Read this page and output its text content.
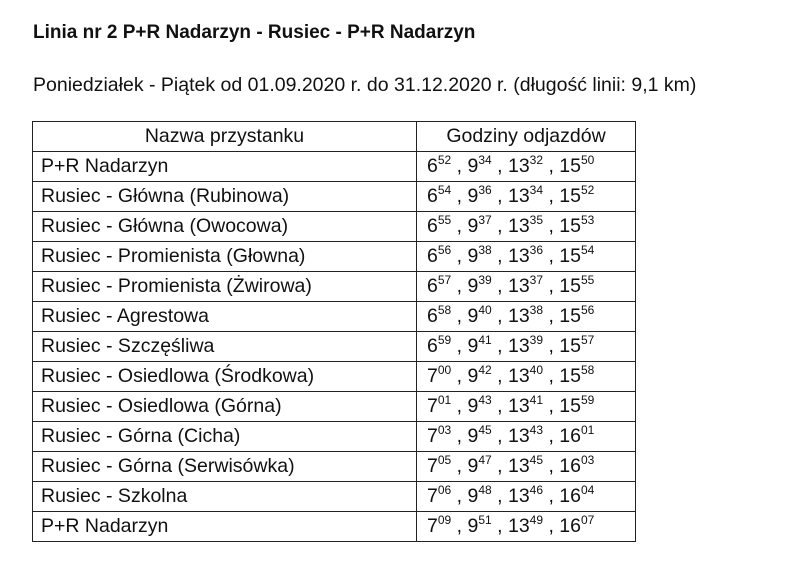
Linia nr 2 P+R Nadarzyn - Rusiec - P+R Nadarzyn
Poniedziałek - Piątek od 01.09.2020 r. do 31.12.2020 r. (długość linii: 9,1 km)
Nazwa przystanku	Godziny odjazdów
P+R Nadarzyn	$6^{52}$ , $9^{34}$ , $13^{32}$ , $15^{50}$
Rusiec - Główna (Rubinowa)	$6^{54}$ , $9^{36}$ , $13^{34}$ , $15^{52}$
Rusiec - Główna (Owocowa)	$6^{55}$ , $9^{37}$ , $13^{35}$ , $15^{53}$
Rusiec - Promienista (Głowna)	$6^{56}$ , $9^{38}$ , $13^{36}$ , $15^{54}$
Rusiec - Promienista (Żwirowa)	$6^{57}$ , $9^{39}$ , $13^{37}$ , $15^{55}$
Rusiec - Agrestowa	$6^{58}$ , $9^{40}$ , $13^{38}$ , $15^{56}$
Rusiec - Szczęśliwa	$6^{59}$ , $9^{41}$ , $13^{39}$ , $15^{57}$
Rusiec - Osiedlowa (Środkowa)	$7^{00}$ , $9^{42}$ , $13^{40}$ , $15^{58}$
Rusiec - Osiedlowa (Górna)	$7^{01}$ , $9^{43}$ , $13^{41}$ , $15^{59}$
Rusiec - Górna (Cicha)	$7^{03}$ , $9^{45}$ , $13^{43}$ , $16^{01}$
Rusiec - Górna (Serwisówka)	$7^{05}$ , $9^{47}$ , $13^{45}$ , $16^{03}$
Rusiec - Szkolna	$7^{06}$ , $9^{48}$ , $13^{46}$ , $16^{04}$
P+R Nadarzyn	$7^{09}$ , $9^{51}$ , $13^{49}$ , $16^{07}$
